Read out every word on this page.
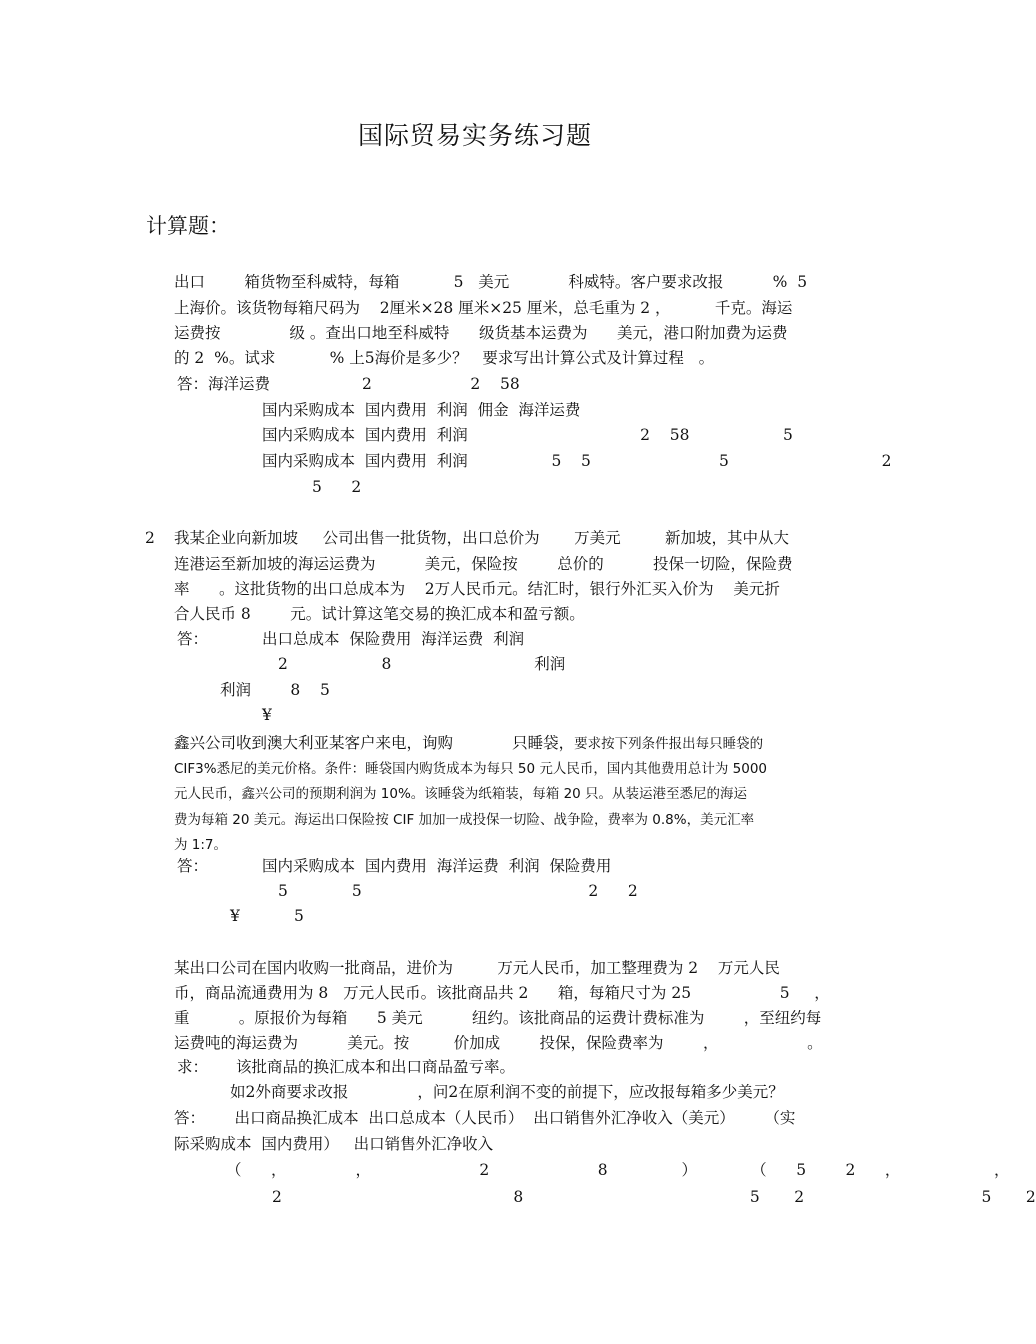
国际贸易实务练习题
计算题：
出口        箱货物至科威特，每箱           5   美元            科威特。客户要求改报          %  5
上海价。该货物每箱尺码为    2厘米×28 厘米×25 厘米，总毛重为 2 ，         千克。海运
运费按              级 。查出口地至科威特      级货基本运费为      美元，港口附加费为运费
的 2  %。试求           % 上5海价是多少？   要求写出计算公式及计算过程   。
答：海洋运费	2                    2    58
国内采购成本  国内费用  利润  佣金  海洋运费
国内采购成本  国内费用  利润                                   2    58                   5
国内采购成本  国内费用  利润                 5    5                          5                               2
5      2
2 我某企业向新加坡     公司出售一批货物，出口总价为       万美元         新加坡，其中从大
连港运至新加坡的海运运费为          美元，保险按        总价的          投保一切险，保险费
率      。这批货物的出口总成本为    2万人民币元。结汇时，银行外汇买入价为    美元折
合人民币 8        元。试计算这笔交易的换汇成本和盈亏额。
答：	出口总成本  保险费用  海洋运费  利润
2                   8                             利润
利润        8    5
¥
鑫兴公司收到澳大利亚某客户来电，询购            只睡袋，要求按下列条件报出每只睡袋的
CIF3%悉尼的美元价格。条件：睡袋国内购货成本为每只 50 元人民币，国内其他费用总计为 5000
元人民币，鑫兴公司的预期利润为 10%。该睡袋为纸箱装，每箱 20 只。从装运港至悉尼的海运
费为每箱 20 美元。海运出口保险按 CIF 加加一成投保一切险、战争险，费率为 0.8%，美元汇率
为 1:7。
答：	国内采购成本  国内费用  海洋运费  利润  保险费用
5             5                                              2      2
¥           5
某出口公司在国内收购一批商品，进价为         万元人民币，加工整理费为 2    万元人民
币，商品流通费用为 8   万元人民币。该批商品共 2      箱，每箱尺寸为 25                  5     ，
重          。原报价为每箱      5 美元          纽约。该批商品的运费计费标准为        ，至纽约每
运费吨的海运费为          美元。按         价加成        投保，保险费率为        ，                  。
求： 该批商品的换汇成本和出口商品盈亏率。
如2外商要求改报              ，问2在原利润不变的前提下，应改报每箱多少美元？
答：      出口商品换汇成本  出口总成本（人民币）  出口销售外汇净收入（美元）      （实
际采购成本  国内费用）   出口销售外汇净收入
（      ，              ，                      2                      8               ）           （      5        2      ，                   ，
2                                               8                                              5       2                                    5       2
